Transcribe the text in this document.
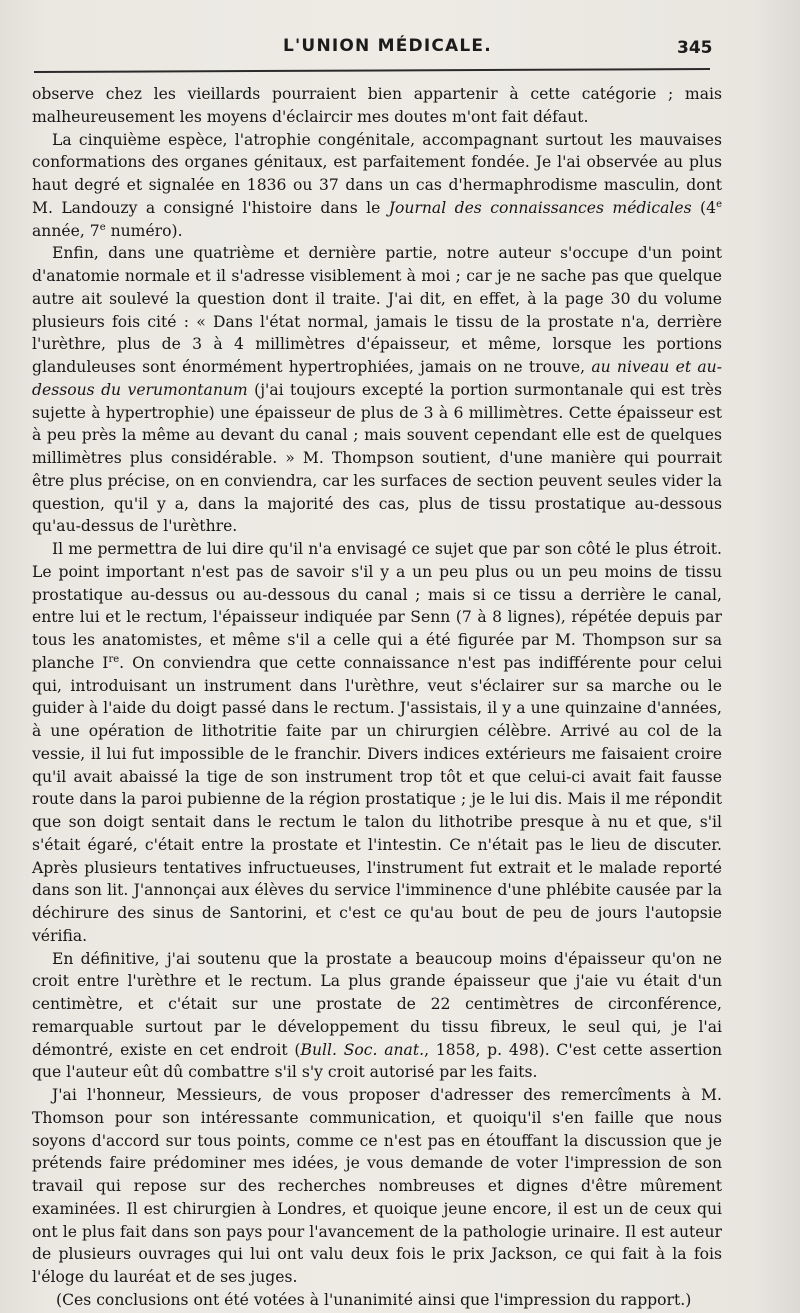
L'UNION MÉDICALE.	345

observe chez les vieillards pourraient bien appartenir à cette catégorie ; mais malheureusement les moyens d'éclaircir mes doutes m'ont fait défaut.

La cinquième espèce, l'atrophie congénitale, accompagnant surtout les mauvaises conformations des organes génitaux, est parfaitement fondée. Je l'ai observée au plus haut degré et signalée en 1836 ou 37 dans un cas d'hermaphrodisme masculin, dont M. Landouzy a consigné l'histoire dans le Journal des connaissances médicales (4e année, 7e numéro).

Enfin, dans une quatrième et dernière partie, notre auteur s'occupe d'un point d'anatomie normale et il s'adresse visiblement à moi ; car je ne sache pas que quelque autre ait soulevé la question dont il traite. J'ai dit, en effet, à la page 30 du volume plusieurs fois cité : « Dans l'état normal, jamais le tissu de la prostate n'a, derrière l'urèthre, plus de 3 à 4 millimètres d'épaisseur, et même, lorsque les portions glanduleuses sont énormément hypertrophiées, jamais on ne trouve, au niveau et au-dessous du verumontanum (j'ai toujours excepté la portion surmontanale qui est très sujette à hypertrophie) une épaisseur de plus de 3 à 6 millimètres. Cette épaisseur est à peu près la même au devant du canal ; mais souvent cependant elle est de quelques millimètres plus considérable. » M. Thompson soutient, d'une manière qui pourrait être plus précise, on en conviendra, car les surfaces de section peuvent seules vider la question, qu'il y a, dans la majorité des cas, plus de tissu prostatique au-dessous qu'au-dessus de l'urèthre.

Il me permettra de lui dire qu'il n'a envisagé ce sujet que par son côté le plus étroit. Le point important n'est pas de savoir s'il y a un peu plus ou un peu moins de tissu prostatique au-dessus ou au-dessous du canal ; mais si ce tissu a derrière le canal, entre lui et le rectum, l'épaisseur indiquée par Senn (7 à 8 lignes), répétée depuis par tous les anatomistes, et même s'il a celle qui a été figurée par M. Thompson sur sa planche Ire. On conviendra que cette connaissance n'est pas indifférente pour celui qui, introduisant un instrument dans l'urèthre, veut s'éclairer sur sa marche ou le guider à l'aide du doigt passé dans le rectum. J'assistais, il y a une quinzaine d'années, à une opération de lithotritie faite par un chirurgien célèbre. Arrivé au col de la vessie, il lui fut impossible de le franchir. Divers indices extérieurs me faisaient croire qu'il avait abaissé la tige de son instrument trop tôt et que celui-ci avait fait fausse route dans la paroi pubienne de la région prostatique ; je le lui dis. Mais il me répondit que son doigt sentait dans le rectum le talon du lithotribe presque à nu et que, s'il s'était égaré, c'était entre la prostate et l'intestin. Ce n'était pas le lieu de discuter. Après plusieurs tentatives infructueuses, l'instrument fut extrait et le malade reporté dans son lit. J'annonçai aux élèves du service l'imminence d'une phlébite causée par la déchirure des sinus de Santorini, et c'est ce qu'au bout de peu de jours l'autopsie vérifia.

En définitive, j'ai soutenu que la prostate a beaucoup moins d'épaisseur qu'on ne croit entre l'urèthre et le rectum. La plus grande épaisseur que j'aie vu était d'un centimètre, et c'était sur une prostate de 22 centimètres de circonférence, remarquable surtout par le développement du tissu fibreux, le seul qui, je l'ai démontré, existe en cet endroit (Bull. Soc. anat., 1858, p. 498). C'est cette assertion que l'auteur eût dû combattre s'il s'y croit autorisé par les faits.

J'ai l'honneur, Messieurs, de vous proposer d'adresser des remercîments à M. Thomson pour son intéressante communication, et quoiqu'il s'en faille que nous soyons d'accord sur tous points, comme ce n'est pas en étouffant la discussion que je prétends faire prédominer mes idées, je vous demande de voter l'impression de son travail qui repose sur des recherches nombreuses et dignes d'être mûrement examinées. Il est chirurgien à Londres, et quoique jeune encore, il est un de ceux qui ont le plus fait dans son pays pour l'avancement de la pathologie urinaire. Il est auteur de plusieurs ouvrages qui lui ont valu deux fois le prix Jackson, ce qui fait à la fois l'éloge du lauréat et de ses juges.

(Ces conclusions ont été votées à l'unanimité ainsi que l'impression du rapport.)
